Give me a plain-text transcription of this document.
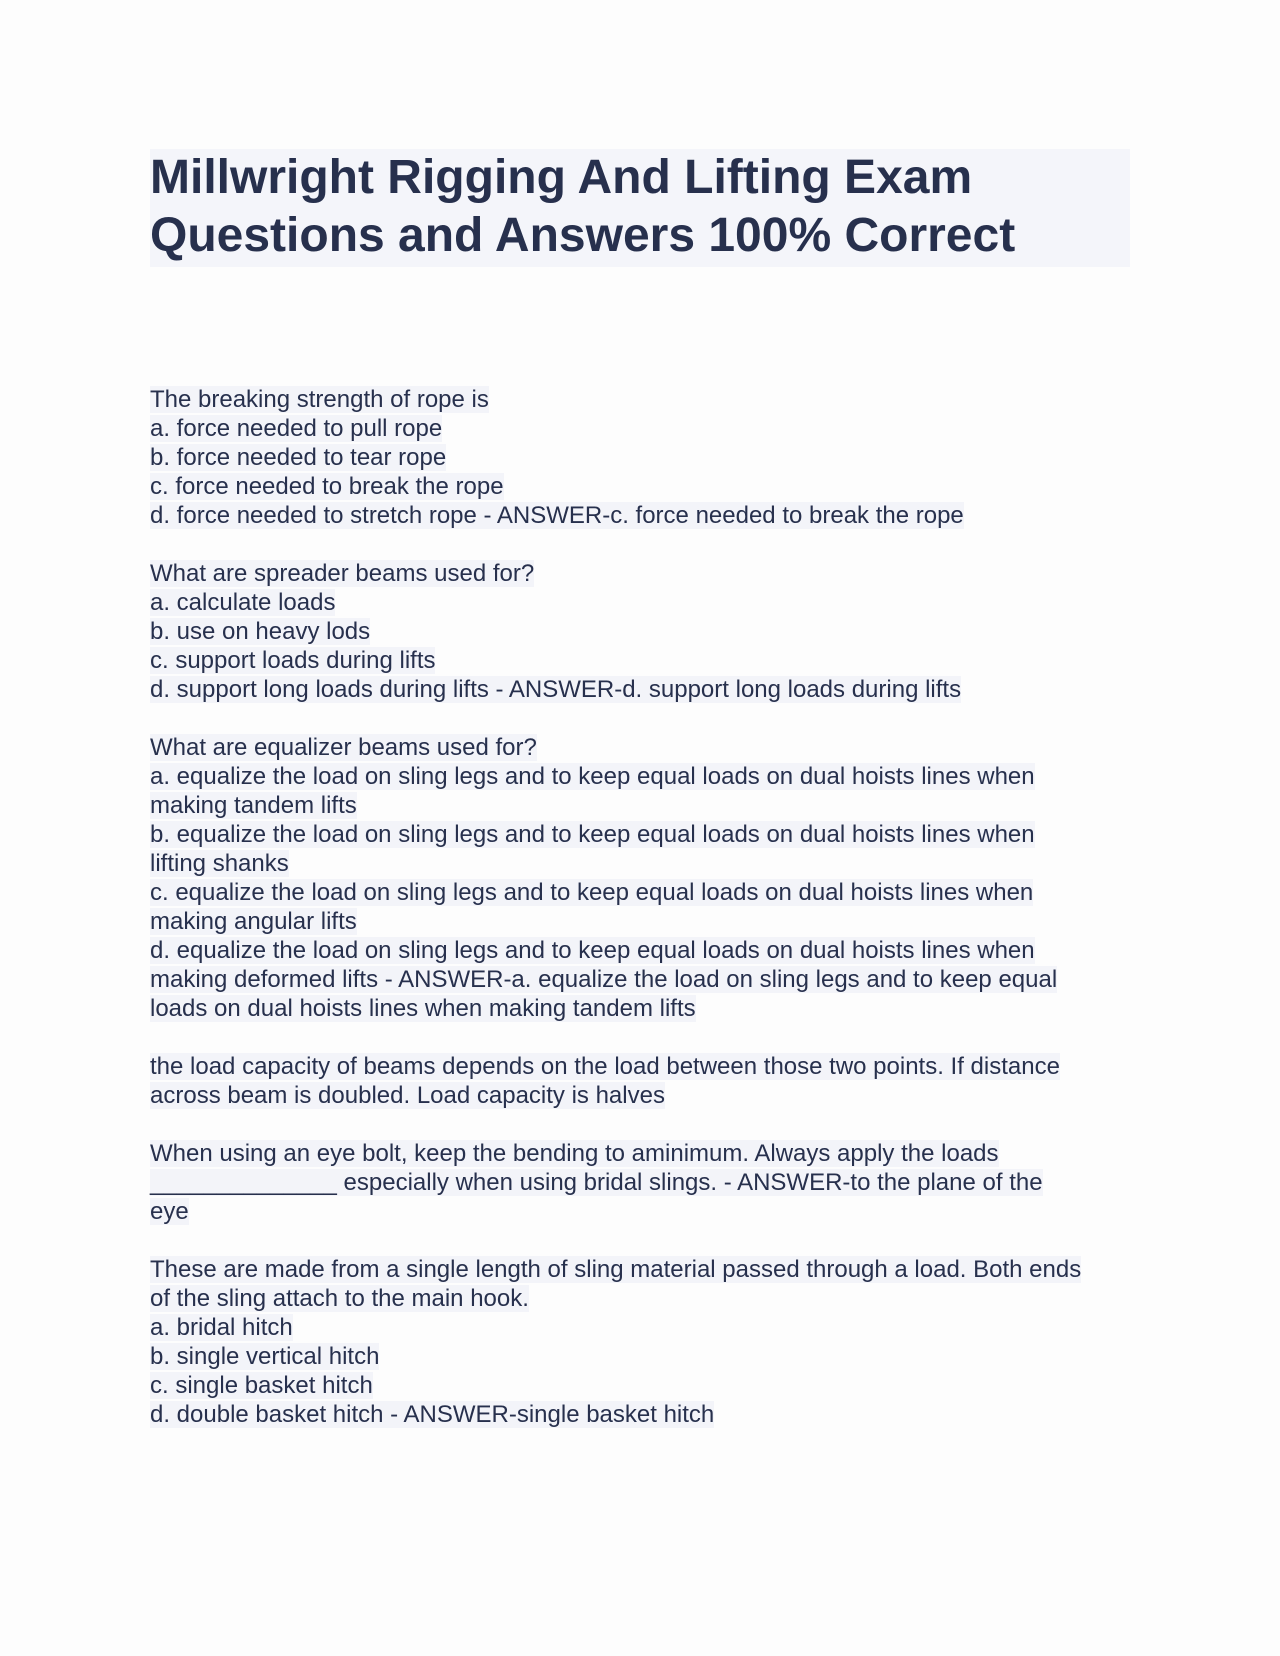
Millwright Rigging And Lifting Exam
Questions and Answers 100% Correct
The breaking strength of rope is
a. force needed to pull rope
b. force needed to tear rope
c. force needed to break the rope
d. force needed to stretch rope - ANSWER-c. force needed to break the rope
What are spreader beams used for?
a. calculate loads
b. use on heavy lods
c. support loads during lifts
d. support long loads during lifts - ANSWER-d. support long loads during lifts
What are equalizer beams used for?
a. equalize the load on sling legs and to keep equal loads on dual hoists lines when
making tandem lifts
b. equalize the load on sling legs and to keep equal loads on dual hoists lines when
lifting shanks
c. equalize the load on sling legs and to keep equal loads on dual hoists lines when
making angular lifts
d. equalize the load on sling legs and to keep equal loads on dual hoists lines when
making deformed lifts - ANSWER-a. equalize the load on sling legs and to keep equal
loads on dual hoists lines when making tandem lifts
the load capacity of beams depends on the load between those two points. If distance
across beam is doubled. Load capacity is halves
When using an eye bolt, keep the bending to aminimum. Always apply the loads
______________ especially when using bridal slings. - ANSWER-to the plane of the
eye
These are made from a single length of sling material passed through a load. Both ends
of the sling attach to the main hook.
a. bridal hitch
b. single vertical hitch
c. single basket hitch
d. double basket hitch - ANSWER-single basket hitch
